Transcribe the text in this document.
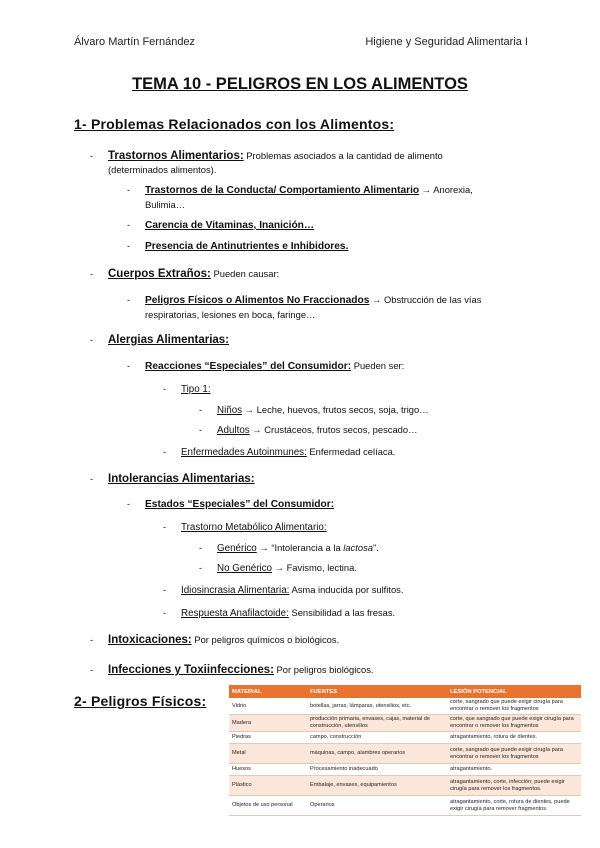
Álvaro Martín Fernández	Higiene y Seguridad Alimentaria I
TEMA 10 - PELIGROS EN LOS ALIMENTOS
1- Problemas Relacionados con los Alimentos:
- Trastornos Alimentarios: Problemas asociados a la cantidad de alimento
(determinados alimentos).
- Trastornos de la Conducta/ Comportamiento Alimentario → Anorexia,
Bulimia…
- Carencia de Vitaminas, Inanición…
- Presencia de Antinutrientes e Inhibidores.
- Cuerpos Extraños: Pueden causar:
- Peligros Físicos o Alimentos No Fraccionados → Obstrucción de las vías
respiratorias, lesiones en boca, faringe…
- Alergias Alimentarias:
- Reacciones “Especiales” del Consumidor: Pueden ser:
- Tipo 1:
- Niños → Leche, huevos, frutos secos, soja, trigo…
- Adultos → Crustáceos, frutos secos, pescado…
- Enfermedades Autoinmunes: Enfermedad celíaca.
- Intolerancias Alimentarias:
- Estados “Especiales” del Consumidor:
- Trastorno Metabólico Alimentario:
- Genérico → “Intolerancia a la lactosa”.
- No Genérico → Favismo, lectina.
- Idiosincrasia Alimentaria: Asma inducida por sulfitos.
- Respuesta Anafilactoide: Sensibilidad a las fresas.
- Intoxicaciones: Por peligros químicos o biológicos.
- Infecciones y Toxiinfecciones: Por peligros biológicos.
2- Peligros Físicos:
MATERIAL	FUENTES	LESIÓN POTENCIAL
Vidrio	botellas, jarras, lámparas, utensilios, etc.	corte, sangrado que puede exigir cirugía para encontrar o remover los fragmentos
Madera	producción primaria, envases, cajas, material de construcción, utensilios	corte, que sangrado que puede exigir cirugía para encontrar o remover los fragmentos
Piedras	campo, construcción	atragantamiento, rotura de dientes.
Metal	máquinas, campo, alambres operarios	corte, sangrado que puede exigir cirugía para encontrar o remover los fragmentos
Huesos	Procesamiento inadecuado	atragantamiento.
Plástico	Embalaje, envases, equipamientos	atragantamiento, corte, infección; puede exigir cirugía para remover los fragmentos.
Objetos de uso personal	Operarios	atragantamiento, corte, rotura de dientes, puede exigir cirugía para remover fragmentos.
